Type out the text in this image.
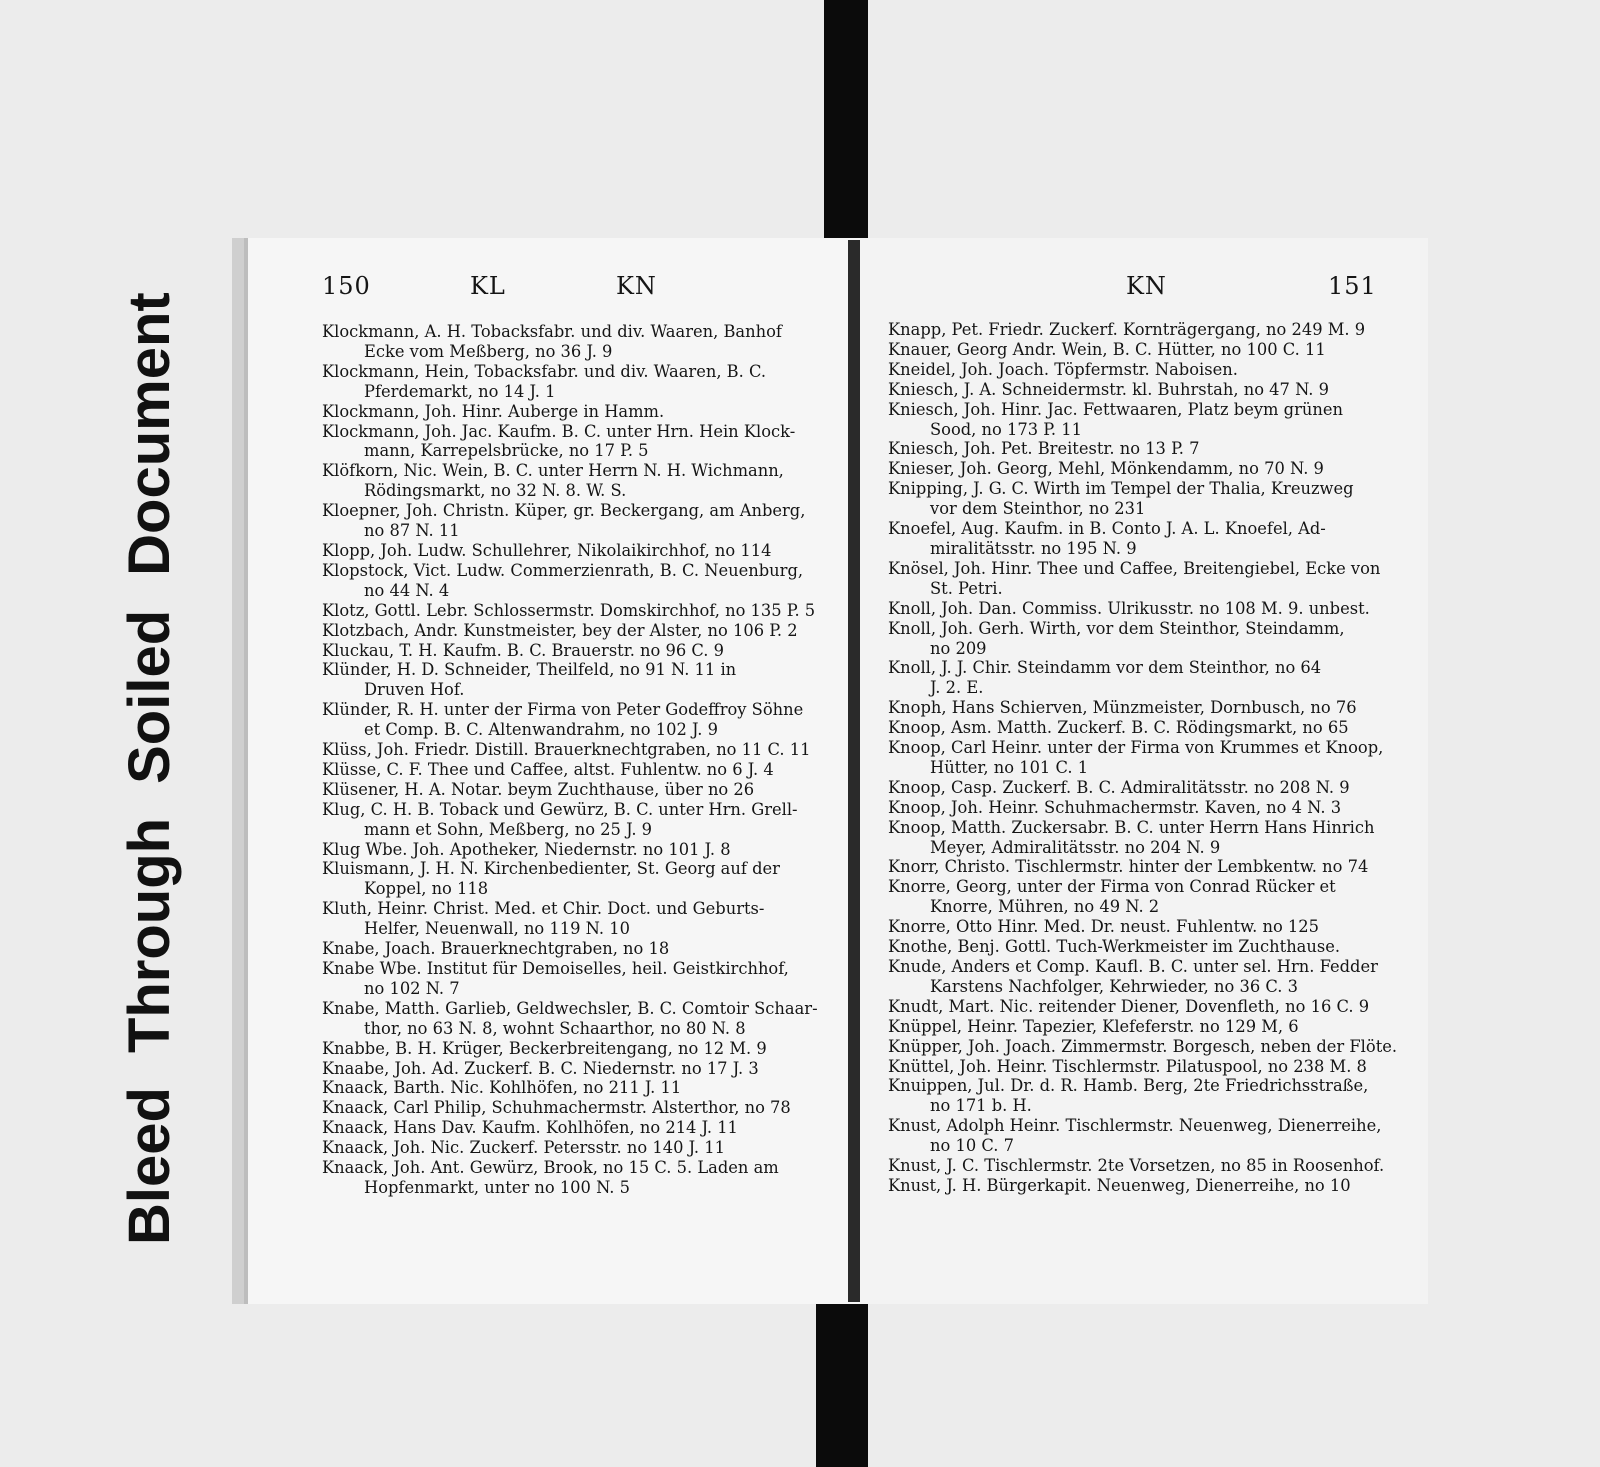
BleedThroughSoiledDocument
150	KL	KN	KN	151
Klockmann, A. H. Tobacksfabr. und div. Waaren, Banhof
Ecke vom Meßberg, no 36 J. 9
Klockmann, Hein, Tobacksfabr. und div. Waaren, B. C.
Pferdemarkt, no 14 J. 1
Klockmann, Joh. Hinr. Auberge in Hamm.
Klockmann, Joh. Jac. Kaufm. B. C. unter Hrn. Hein Klock-
mann, Karrepelsbrücke, no 17 P. 5
Klöfkorn, Nic. Wein, B. C. unter Herrn N. H. Wichmann,
Rödingsmarkt, no 32 N. 8. W. S.
Kloepner, Joh. Christn. Küper, gr. Beckergang, am Anberg,
no 87 N. 11
Klopp, Joh. Ludw. Schullehrer, Nikolaikirchhof, no 114
Klopstock, Vict. Ludw. Commerzienrath, B. C. Neuenburg,
no 44 N. 4
Klotz, Gottl. Lebr. Schlossermstr. Domskirchhof, no 135 P. 5
Klotzbach, Andr. Kunstmeister, bey der Alster, no 106 P. 2
Kluckau, T. H. Kaufm. B. C. Brauerstr. no 96 C. 9
Klünder, H. D. Schneider, Theilfeld, no 91 N. 11 in
Druven Hof.
Klünder, R. H. unter der Firma von Peter Godeffroy Söhne
et Comp. B. C. Altenwandrahm, no 102 J. 9
Klüss, Joh. Friedr. Distill. Brauerknechtgraben, no 11 C. 11
Klüsse, C. F. Thee und Caffee, altst. Fuhlentw. no 6 J. 4
Klüsener, H. A. Notar. beym Zuchthause, über no 26
Klug, C. H. B. Toback und Gewürz, B. C. unter Hrn. Grell-
mann et Sohn, Meßberg, no 25 J. 9
Klug Wbe. Joh. Apotheker, Niedernstr. no 101 J. 8
Kluismann, J. H. N. Kirchenbedienter, St. Georg auf der
Koppel, no 118
Kluth, Heinr. Christ. Med. et Chir. Doct. und Geburts-
Helfer, Neuenwall, no 119 N. 10
Knabe, Joach. Brauerknechtgraben, no 18
Knabe Wbe. Institut für Demoiselles, heil. Geistkirchhof,
no 102 N. 7
Knabe, Matth. Garlieb, Geldwechsler, B. C. Comtoir Schaar-
thor, no 63 N. 8, wohnt Schaarthor, no 80 N. 8
Knabbe, B. H. Krüger, Beckerbreitengang, no 12 M. 9
Knaabe, Joh. Ad. Zuckerf. B. C. Niedernstr. no 17 J. 3
Knaack, Barth. Nic. Kohlhöfen, no 211 J. 11
Knaack, Carl Philip, Schuhmachermstr. Alsterthor, no 78
Knaack, Hans Dav. Kaufm. Kohlhöfen, no 214 J. 11
Knaack, Joh. Nic. Zuckerf. Petersstr. no 140 J. 11
Knaack, Joh. Ant. Gewürz, Brook, no 15 C. 5. Laden am
Hopfenmarkt, unter no 100 N. 5
Knapp, Pet. Friedr. Zuckerf. Kornträgergang, no 249 M. 9
Knauer, Georg Andr. Wein, B. C. Hütter, no 100 C. 11
Kneidel, Joh. Joach. Töpfermstr. Naboisen.
Kniesch, J. A. Schneidermstr. kl. Buhrstah, no 47 N. 9
Kniesch, Joh. Hinr. Jac. Fettwaaren, Platz beym grünen
Sood, no 173 P. 11
Kniesch, Joh. Pet. Breitestr. no 13 P. 7
Knieser, Joh. Georg, Mehl, Mönkendamm, no 70 N. 9
Knipping, J. G. C. Wirth im Tempel der Thalia, Kreuzweg
vor dem Steinthor, no 231
Knoefel, Aug. Kaufm. in B. Conto J. A. L. Knoefel, Ad-
miralitätsstr. no 195 N. 9
Knösel, Joh. Hinr. Thee und Caffee, Breitengiebel, Ecke von
St. Petri.
Knoll, Joh. Dan. Commiss. Ulrikusstr. no 108 M. 9. unbest.
Knoll, Joh. Gerh. Wirth, vor dem Steinthor, Steindamm,
no 209
Knoll, J. J. Chir. Steindamm vor dem Steinthor, no 64
J. 2. E.
Knoph, Hans Schierven, Münzmeister, Dornbusch, no 76
Knoop, Asm. Matth. Zuckerf. B. C. Rödingsmarkt, no 65
Knoop, Carl Heinr. unter der Firma von Krummes et Knoop,
Hütter, no 101 C. 1
Knoop, Casp. Zuckerf. B. C. Admiralitätsstr. no 208 N. 9
Knoop, Joh. Heinr. Schuhmachermstr. Kaven, no 4 N. 3
Knoop, Matth. Zuckersabr. B. C. unter Herrn Hans Hinrich
Meyer, Admiralitätsstr. no 204 N. 9
Knorr, Christo. Tischlermstr. hinter der Lembkentw. no 74
Knorre, Georg, unter der Firma von Conrad Rücker et
Knorre, Mühren, no 49 N. 2
Knorre, Otto Hinr. Med. Dr. neust. Fuhlentw. no 125
Knothe, Benj. Gottl. Tuch-Werkmeister im Zuchthause.
Knude, Anders et Comp. Kaufl. B. C. unter sel. Hrn. Fedder
Karstens Nachfolger, Kehrwieder, no 36 C. 3
Knudt, Mart. Nic. reitender Diener, Dovenfleth, no 16 C. 9
Knüppel, Heinr. Tapezier, Klefeferstr. no 129 M, 6
Knüpper, Joh. Joach. Zimmermstr. Borgesch, neben der Flöte.
Knüttel, Joh. Heinr. Tischlermstr. Pilatuspool, no 238 M. 8
Knuippen, Jul. Dr. d. R. Hamb. Berg, 2te Friedrichsstraße,
no 171 b. H.
Knust, Adolph Heinr. Tischlermstr. Neuenweg, Dienerreihe,
no 10 C. 7
Knust, J. C. Tischlermstr. 2te Vorsetzen, no 85 in Roosenhof.
Knust, J. H. Bürgerkapit. Neuenweg, Dienerreihe, no 10
